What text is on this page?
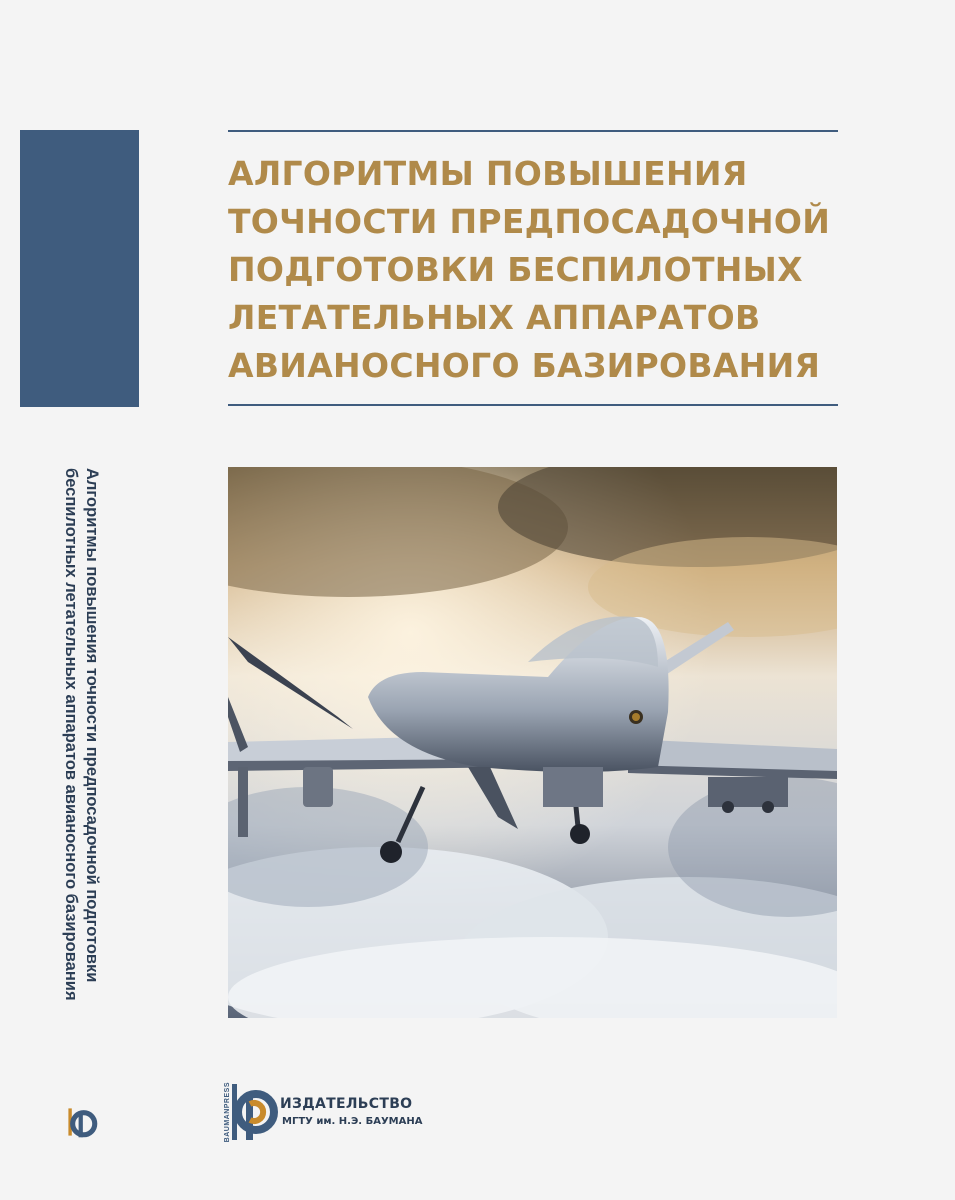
Алгоритмы повышения точности предпосадочной подготовки
беспилотных летательных аппаратов авианосного базирования
АЛГОРИТМЫ ПОВЫШЕНИЯ
ТОЧНОСТИ ПРЕДПОСАДОЧНОЙ
ПОДГОТОВКИ БЕСПИЛОТНЫХ
ЛЕТАТЕЛЬНЫХ АППАРАТОВ
АВИАНОСНОГО БАЗИРОВАНИЯ
BAUMANPRESS	ИЗДАТЕЛЬСТВО
МГТУ им. Н.Э. БАУМАНА
